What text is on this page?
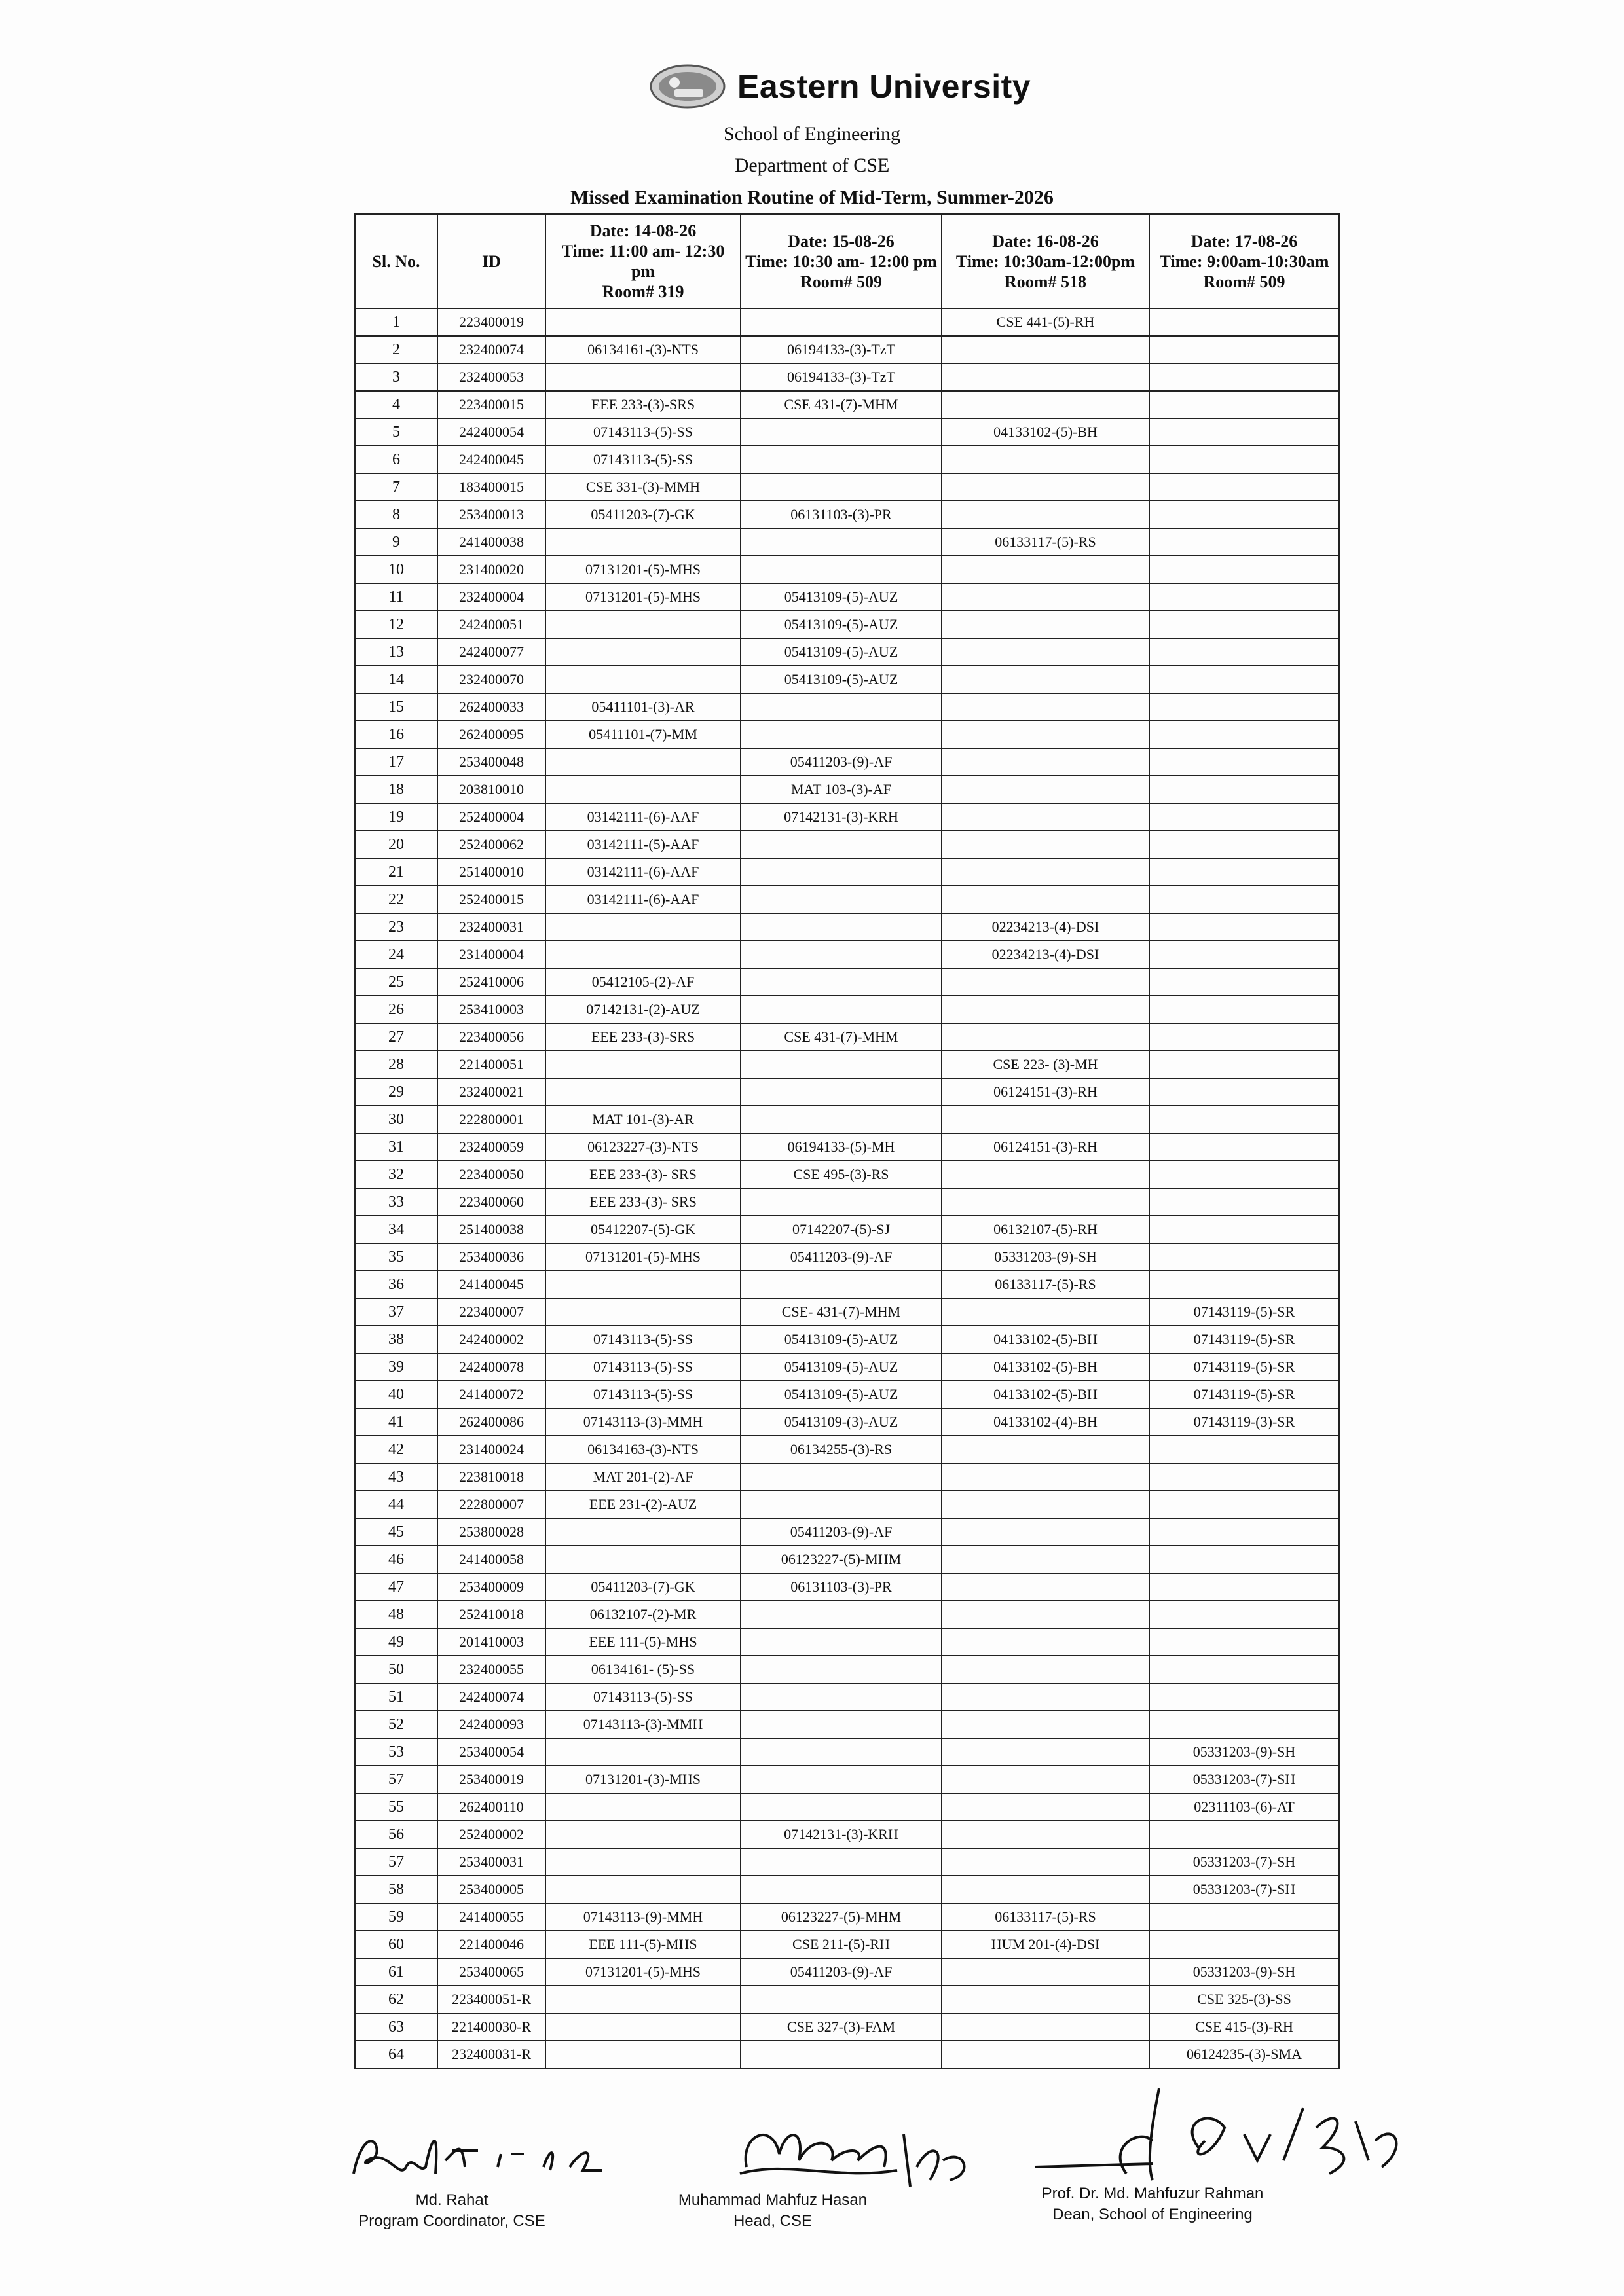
Eastern University
School of Engineering
Department of CSE
Missed Examination Routine of Mid-Term, Summer-2026
Sl. No.	ID	Date: 14-08-26
Time: 11:00 am- 12:30 pm
Room# 319	Date: 15-08-26
Time: 10:30 am- 12:00 pm
Room# 509	Date: 16-08-26
Time: 10:30am-12:00pm
Room# 518	Date: 17-08-26
Time: 9:00am-10:30am
Room# 509
1	223400019			CSE 441-(5)-RH	
2	232400074	06134161-(3)-NTS	06194133-(3)-TzT		
3	232400053		06194133-(3)-TzT		
4	223400015	EEE 233-(3)-SRS	CSE 431-(7)-MHM		
5	242400054	07143113-(5)-SS		04133102-(5)-BH	
6	242400045	07143113-(5)-SS			
7	183400015	CSE 331-(3)-MMH			
8	253400013	05411203-(7)-GK	06131103-(3)-PR		
9	241400038			06133117-(5)-RS	
10	231400020	07131201-(5)-MHS			
11	232400004	07131201-(5)-MHS	05413109-(5)-AUZ		
12	242400051		05413109-(5)-AUZ		
13	242400077		05413109-(5)-AUZ		
14	232400070		05413109-(5)-AUZ		
15	262400033	05411101-(3)-AR			
16	262400095	05411101-(7)-MM			
17	253400048		05411203-(9)-AF		
18	203810010		MAT 103-(3)-AF		
19	252400004	03142111-(6)-AAF	07142131-(3)-KRH		
20	252400062	03142111-(5)-AAF			
21	251400010	03142111-(6)-AAF			
22	252400015	03142111-(6)-AAF			
23	232400031			02234213-(4)-DSI	
24	231400004			02234213-(4)-DSI	
25	252410006	05412105-(2)-AF			
26	253410003	07142131-(2)-AUZ			
27	223400056	EEE 233-(3)-SRS	CSE 431-(7)-MHM		
28	221400051			CSE 223- (3)-MH	
29	232400021			06124151-(3)-RH	
30	222800001	MAT 101-(3)-AR			
31	232400059	06123227-(3)-NTS	06194133-(5)-MH	06124151-(3)-RH	
32	223400050	EEE 233-(3)- SRS	CSE 495-(3)-RS		
33	223400060	EEE 233-(3)- SRS			
34	251400038	05412207-(5)-GK	07142207-(5)-SJ	06132107-(5)-RH	
35	253400036	07131201-(5)-MHS	05411203-(9)-AF	05331203-(9)-SH	
36	241400045			06133117-(5)-RS	
37	223400007		CSE- 431-(7)-MHM		07143119-(5)-SR
38	242400002	07143113-(5)-SS	05413109-(5)-AUZ	04133102-(5)-BH	07143119-(5)-SR
39	242400078	07143113-(5)-SS	05413109-(5)-AUZ	04133102-(5)-BH	07143119-(5)-SR
40	241400072	07143113-(5)-SS	05413109-(5)-AUZ	04133102-(5)-BH	07143119-(5)-SR
41	262400086	07143113-(3)-MMH	05413109-(3)-AUZ	04133102-(4)-BH	07143119-(3)-SR
42	231400024	06134163-(3)-NTS	06134255-(3)-RS		
43	223810018	MAT 201-(2)-AF			
44	222800007	EEE 231-(2)-AUZ			
45	253800028		05411203-(9)-AF		
46	241400058		06123227-(5)-MHM		
47	253400009	05411203-(7)-GK	06131103-(3)-PR		
48	252410018	06132107-(2)-MR			
49	201410003	EEE 111-(5)-MHS			
50	232400055	06134161- (5)-SS			
51	242400074	07143113-(5)-SS			
52	242400093	07143113-(3)-MMH			
53	253400054				05331203-(9)-SH
57	253400019	07131201-(3)-MHS			05331203-(7)-SH
55	262400110				02311103-(6)-AT
56	252400002		07142131-(3)-KRH		
57	253400031				05331203-(7)-SH
58	253400005				05331203-(7)-SH
59	241400055	07143113-(9)-MMH	06123227-(5)-MHM	06133117-(5)-RS	
60	221400046	EEE 111-(5)-MHS	CSE 211-(5)-RH	HUM 201-(4)-DSI	
61	253400065	07131201-(5)-MHS	05411203-(9)-AF		05331203-(9)-SH
62	223400051-R				CSE 325-(3)-SS
63	221400030-R		CSE 327-(3)-FAM		CSE 415-(3)-RH
64	232400031-R				06124235-(3)-SMA
Md. Rahat
Program Coordinator, CSE
Muhammad Mahfuz Hasan
Head, CSE
Prof. Dr. Md. Mahfuzur Rahman
Dean, School of Engineering
